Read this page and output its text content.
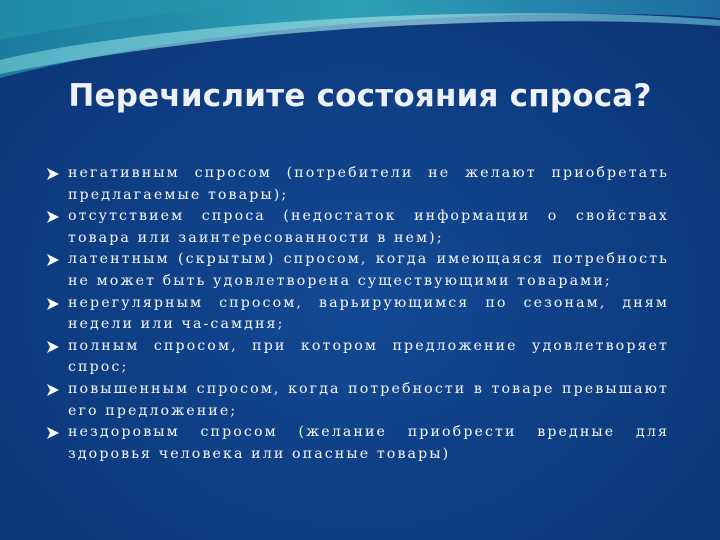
Перечислите состояния спроса?
негативным спросом (потребители не желают приобретать предлагаемые товары);
отсутствием спроса (недостаток информации о свойствах товара или заинтересованности в нем);
латентным (скрытым) спросом, когда имеющаяся потребность не может быть удовлетворена существующими товарами;
нерегулярным спросом, варьирующимся по сезонам, дням недели или ча-самдня;
полным спросом, при котором предложение удовлетворяет спрос;
повышенным спросом, когда потребности в товаре превышают его предложение;
нездоровым спросом (желание приобрести вредные для здоровья человека или опасные товары)
